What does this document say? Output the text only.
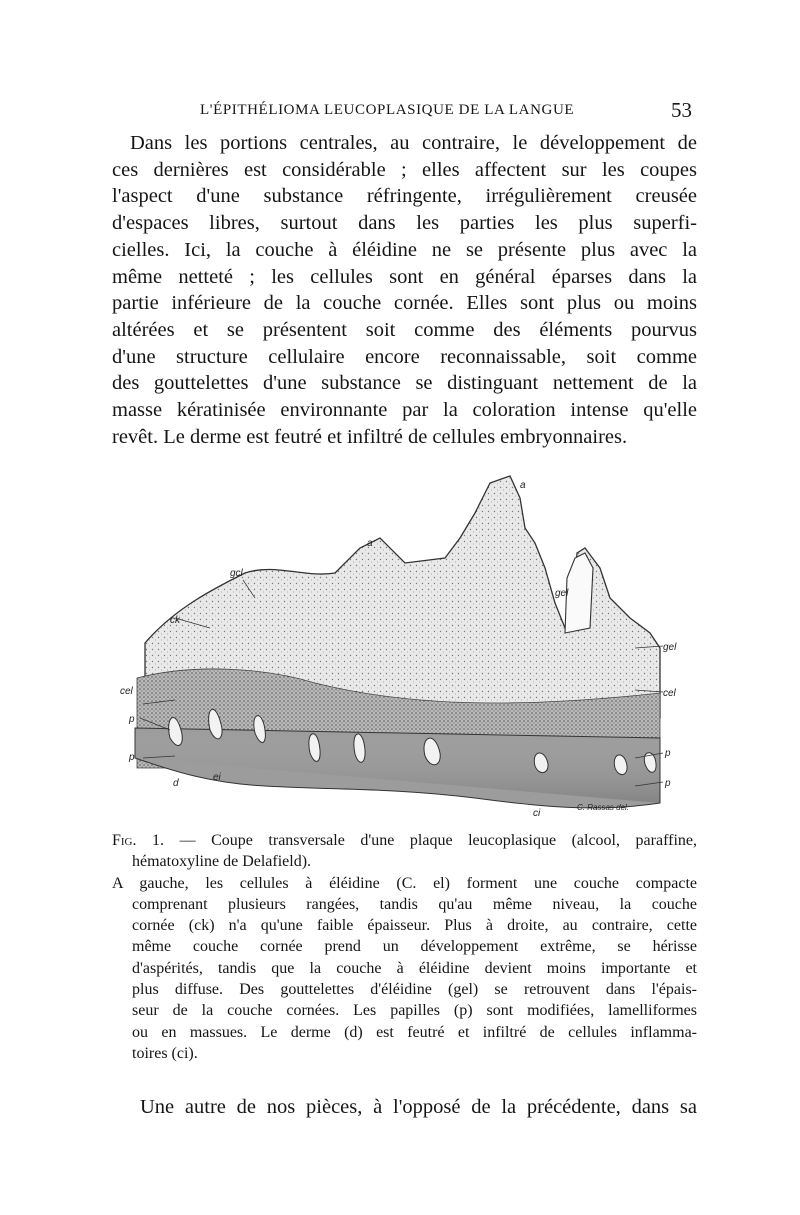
L'ÉPITHÉLIOMA LEUCOPLASIQUE DE LA LANGUE	53
Dans les portions centrales, au contraire, le développement de
ces dernières est considérable ; elles affectent sur les coupes
l'aspect d'une substance réfringente, irrégulièrement creusée
d'espaces libres, surtout dans les parties les plus superfi-
cielles. Ici, la couche à éléidine ne se présente plus avec la
même netteté ; les cellules sont en général éparses dans la
partie inférieure de la couche cornée. Elles sont plus ou moins
altérées et se présentent soit comme des éléments pourvus
d'une structure cellulaire encore reconnaissable, soit comme
des gouttelettes d'une substance se distinguant nettement de la
masse kératinisée environnante par la coloration intense qu'elle
revêt. Le derme est feutré et infiltré de cellules embryonnaires.
a
a
gcl
ck
gel
gel
cel	cel
p
p	p
p
d
ei
ci
C. Rassas del.
Fig. 1. — Coupe transversale d'une plaque leucoplasique (alcool, paraffine,
hématoxyline de Delafield).
A gauche, les cellules à éléidine (C. el) forment une couche compacte
comprenant plusieurs rangées, tandis qu'au même niveau, la couche
cornée (ck) n'a qu'une faible épaisseur. Plus à droite, au contraire, cette
même couche cornée prend un développement extrême, se hérisse
d'aspérités, tandis que la couche à éléidine devient moins importante et
plus diffuse. Des gouttelettes d'éléidine (gel) se retrouvent dans l'épais-
seur de la couche cornées. Les papilles (p) sont modifiées, lamelliformes
ou en massues. Le derme (d) est feutré et infiltré de cellules inflamma-
toires (ci).
Une autre de nos pièces, à l'opposé de la précédente, dans sa
